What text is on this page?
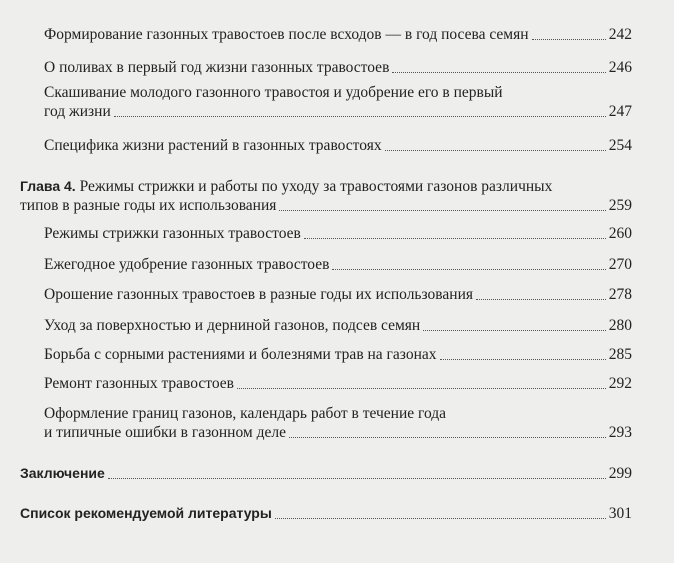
Формирование газонных травостоев после всходов — в год посева семян	242
О поливах в первый год жизни газонных травостоев	246
Скашивание молодого газонного травостоя и удобрение его в первый
год жизни	247
Специфика жизни растений в газонных травостоях	254
Глава 4. Режимы стрижки и работы по уходу за травостоями газонов различных
типов в разные годы их использования	259
Режимы стрижки газонных травостоев	260
Ежегодное удобрение газонных травостоев	270
Орошение газонных травостоев в разные годы их использования	278
Уход за поверхностью и дерниной газонов, подсев семян	280
Борьба с сорными растениями и болезнями трав на газонах	285
Ремонт газонных травостоев	292
Оформление границ газонов, календарь работ в течение года
и типичные ошибки в газонном деле	293
Заключение	299
Список рекомендуемой литературы	301
